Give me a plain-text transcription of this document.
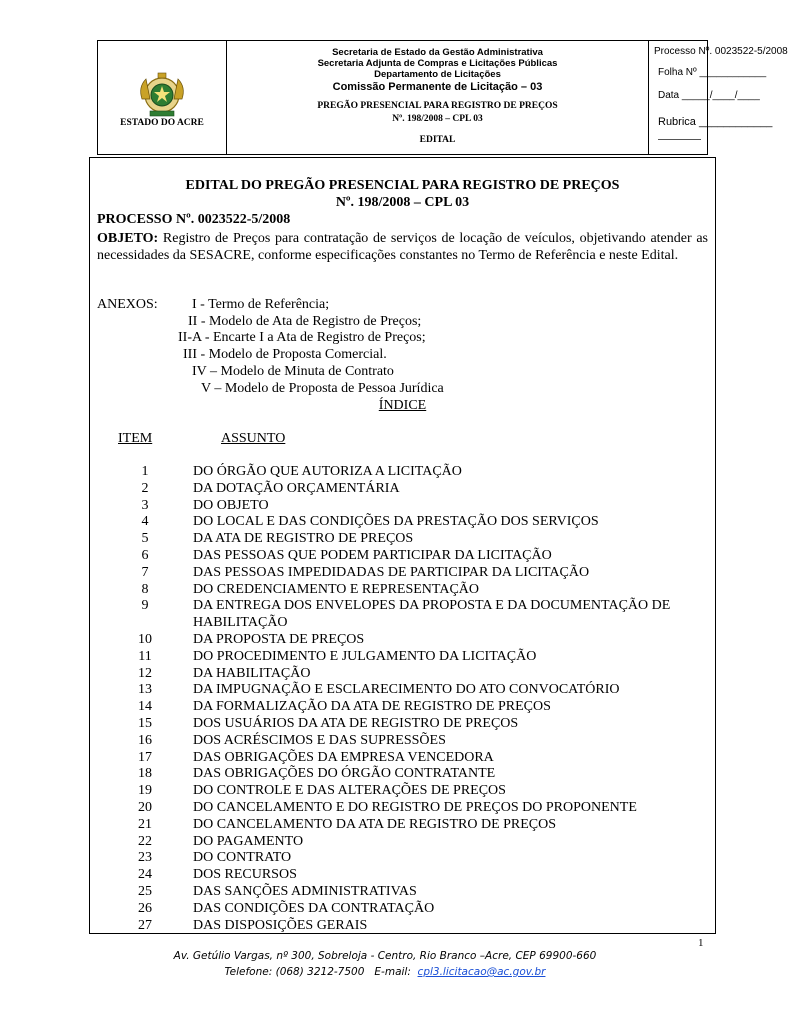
ESTADO DO ACRE
Secretaria de Estado da Gestão Administrativa
Secretaria Adjunta de Compras e Licitações Públicas
Departamento de Licitações
Comissão Permanente de Licitação – 03
PREGÃO PRESENCIAL PARA REGISTRO DE PREÇOS
Nº. 198/2008 – CPL 03
EDITAL
Processo Nº. 0023522-5/2008
Folha Nº ____________
Data _____/____/____
Rubrica ____________
EDITAL DO PREGÃO PRESENCIAL PARA REGISTRO DE PREÇOS
Nº. 198/2008 – CPL 03
PROCESSO Nº. 0023522-5/2008
OBJETO: Registro de Preços para contratação de serviços de locação de veículos, objetivando atender as necessidades da SESACRE, conforme especificações constantes no Termo de Referência e neste Edital.
ANEXOS: I - Termo de Referência;
II - Modelo de Ata de Registro de Preços;
II-A - Encarte I a Ata de Registro de Preços;
III - Modelo de Proposta Comercial.
IV – Modelo de Minuta de Contrato
V – Modelo de Proposta de Pessoa Jurídica
ÍNDICE
ITEM	ASSUNTO
1	DO ÓRGÃO QUE AUTORIZA A LICITAÇÃO
2	DA DOTAÇÃO ORÇAMENTÁRIA
3	DO OBJETO
4	DO LOCAL E DAS CONDIÇÕES DA PRESTAÇÃO DOS SERVIÇOS
5	DA ATA DE REGISTRO DE PREÇOS
6	DAS PESSOAS QUE PODEM PARTICIPAR DA LICITAÇÃO
7	DAS PESSOAS IMPEDIDADAS DE PARTICIPAR DA LICITAÇÃO
8	DO CREDENCIAMENTO E REPRESENTAÇÃO
9	DA ENTREGA DOS ENVELOPES DA PROPOSTA E DA DOCUMENTAÇÃO DE HABILITAÇÃO
10	DA PROPOSTA DE PREÇOS
11	DO PROCEDIMENTO E JULGAMENTO DA LICITAÇÃO
12	DA HABILITAÇÃO
13	DA IMPUGNAÇÃO E ESCLARECIMENTO DO ATO CONVOCATÓRIO
14	DA FORMALIZAÇÃO DA ATA DE REGISTRO DE PREÇOS
15	DOS USUÁRIOS DA ATA DE REGISTRO DE PREÇOS
16	DOS ACRÉSCIMOS E DAS SUPRESSÕES
17	DAS OBRIGAÇÕES DA EMPRESA VENCEDORA
18	DAS OBRIGAÇÕES DO ÓRGÃO CONTRATANTE
19	DO CONTROLE E DAS ALTERAÇÕES DE PREÇOS
20	DO CANCELAMENTO E DO REGISTRO DE PREÇOS DO PROPONENTE
21	DO CANCELAMENTO DA ATA DE REGISTRO DE PREÇOS
22	DO PAGAMENTO
23	DO CONTRATO
24	DOS RECURSOS
25	DAS SANÇÕES ADMINISTRATIVAS
26	DAS CONDIÇÕES DA CONTRATAÇÃO
27	DAS DISPOSIÇÕES GERAIS
1
Av. Getúlio Vargas, nº 300, Sobreloja - Centro, Rio Branco –Acre, CEP 69900-660
Telefone: (068) 3212-7500   E-mail:  cpl3.licitacao@ac.gov.br
